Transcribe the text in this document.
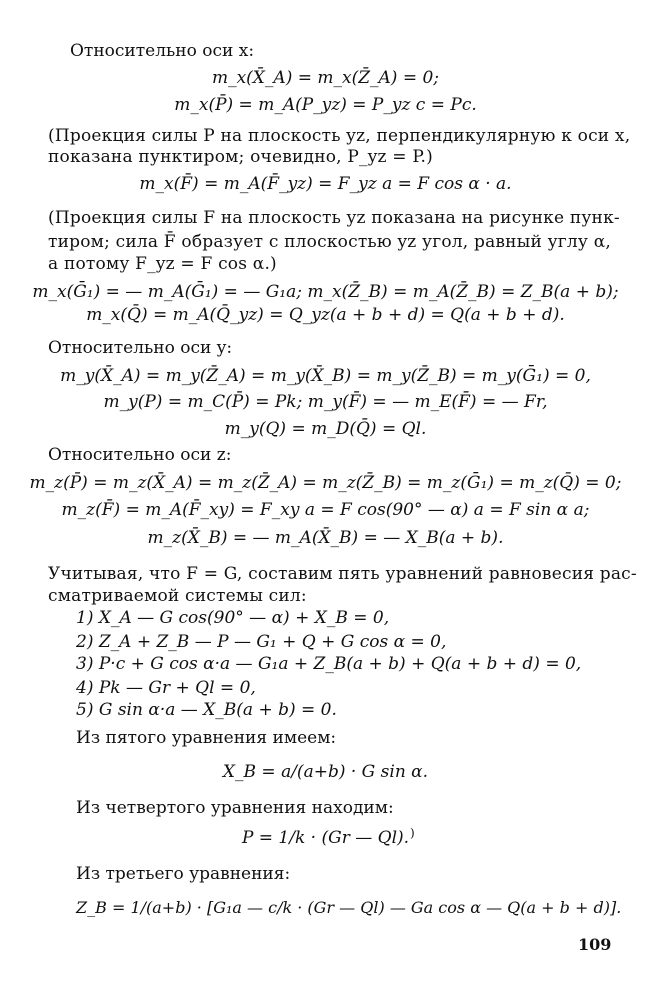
Относительно оси x:
m_x(X̄_A) = m_x(Z̄_A) = 0;
m_x(P̄) = m_A(P_yz) = P_yz c = Pc.
(Проекция силы P на плоскость yz, перпендикулярную к оси x,
показана пунктиром; очевидно, P_yz = P.)
m_x(F̄) = m_A(F̄_yz) = F_yz a = F cos α · a.
(Проекция силы F на плоскость yz показана на рисунке пунк-
тиром; сила F̄ образует с плоскостью yz угол, равный углу α,
а потому F_yz = F cos α.)
m_x(Ḡ₁) = — m_A(Ḡ₁) = — G₁a; m_x(Z̄_B) = m_A(Z̄_B) = Z_B(a + b);
m_x(Q̄) = m_A(Q̄_yz) = Q_yz(a + b + d) = Q(a + b + d).
Относительно оси y:
m_y(X̄_A) = m_y(Z̄_A) = m_y(X̄_B) = m_y(Z̄_B) = m_y(Ḡ₁) = 0,
m_y(P) = m_C(P̄) = Pk; m_y(F̄) = — m_E(F̄) = — Fr,
m_y(Q) = m_D(Q̄) = Ql.
Относительно оси z:
m_z(P̄) = m_z(X̄_A) = m_z(Z̄_A) = m_z(Z̄_B) = m_z(Ḡ₁) = m_z(Q̄) = 0;
m_z(F̄) = m_A(F̄_xy) = F_xy a = F cos(90° — α) a = F sin α a;
m_z(X̄_B) = — m_A(X̄_B) = — X_B(a + b).
Учитывая, что F = G, составим пять уравнений равновесия рас-
сматриваемой системы сил:
1) X_A — G cos(90° — α) + X_B = 0,
2) Z_A + Z_B — P — G₁ + Q + G cos α = 0,
3) P·c + G cos α·a — G₁a + Z_B(a + b) + Q(a + b + d) = 0,
4) Pk — Gr + Ql = 0,
5) G sin α·a — X_B(a + b) = 0.
Из пятого уравнения имеем:
X_B = a/(a+b) · G sin α.
Из четвертого уравнения находим:
P = 1/k · (Gr — Ql). )
Из третьего уравнения:
Z_B = 1/(a+b) · [G₁a — c/k · (Gr — Ql) — Ga cos α — Q(a + b + d)].
109
